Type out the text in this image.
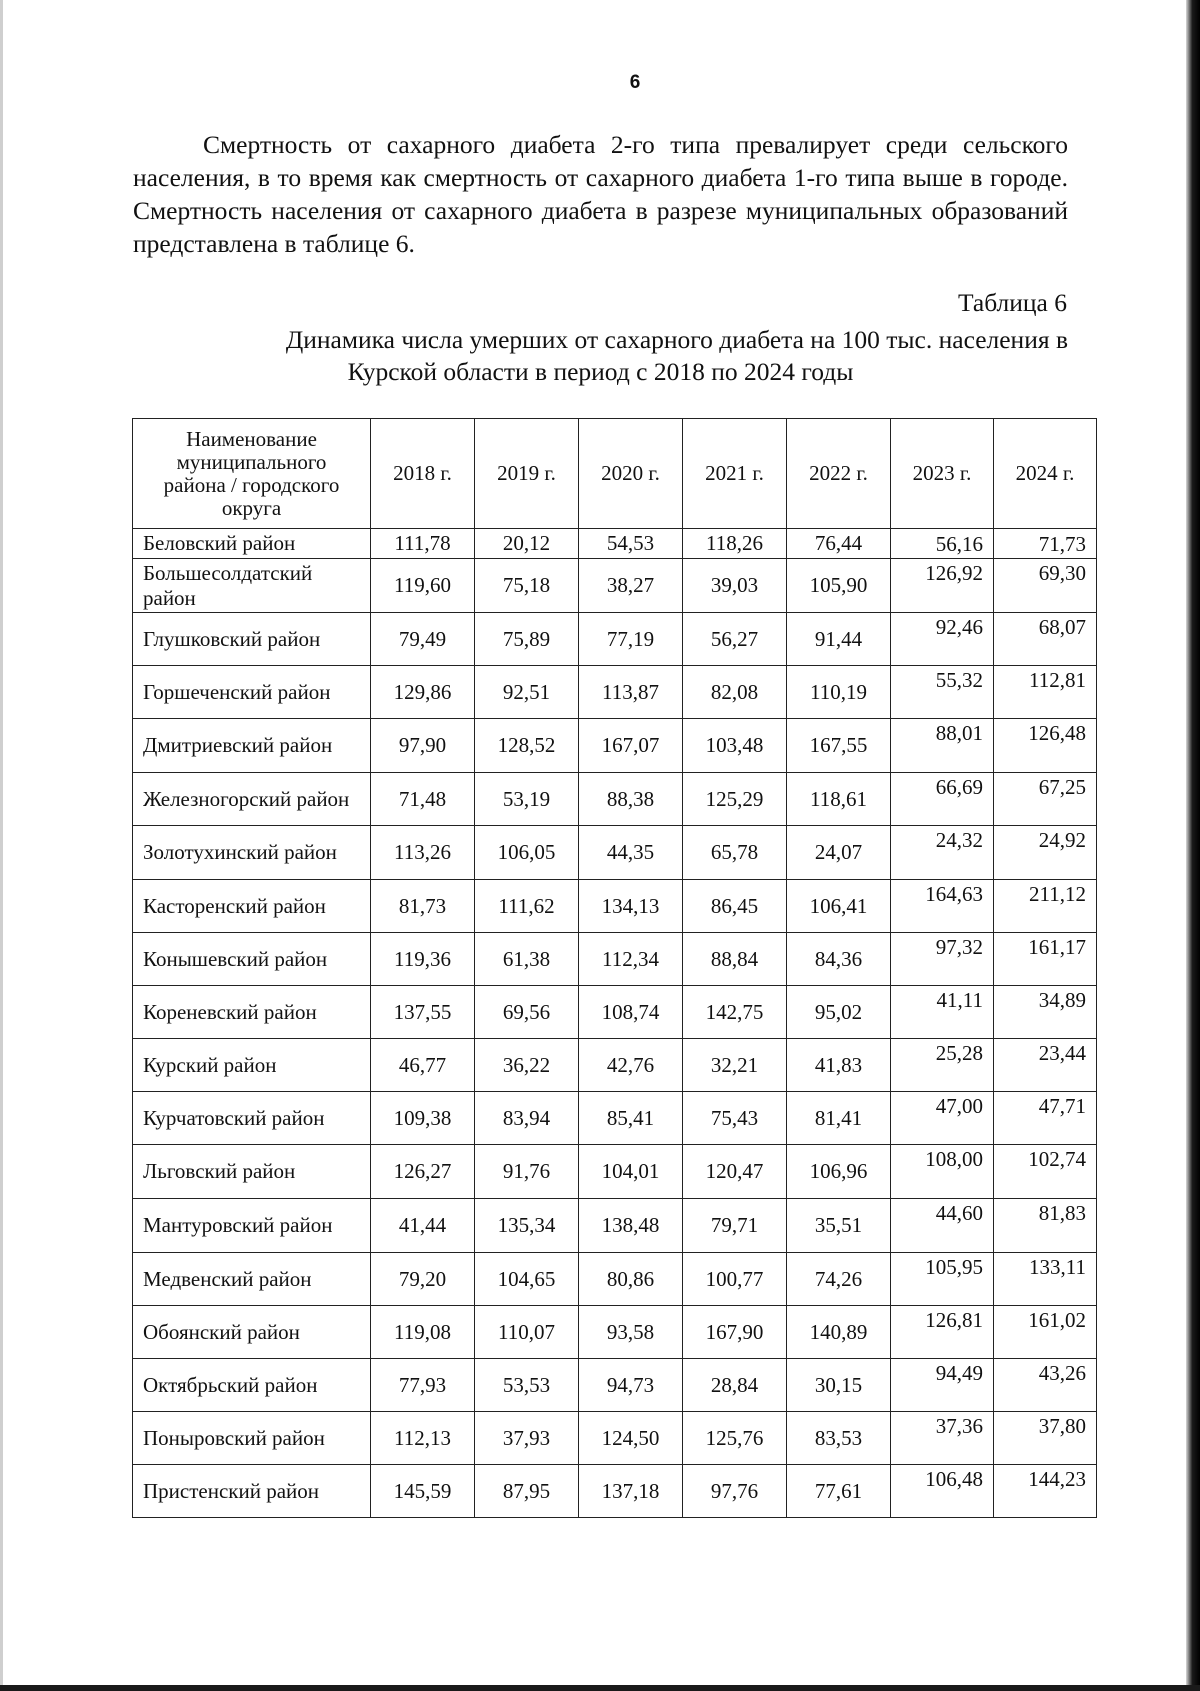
6

Смертность от сахарного диабета 2-го типа превалирует среди сельского населения, в то время как смертность от сахарного диабета 1-го типа выше в городе. Смертность населения от сахарного диабета в разрезе муниципальных образований представлена в таблице 6.

Таблица 6

Динамика числа умерших от сахарного диабета на 100 тыс. населения в
Курской области в период с 2018 по 2024 годы

Наименование муниципального района / городского округа	2018 г.	2019 г.	2020 г.	2021 г.	2022 г.	2023 г.	2024 г.
Беловский район	111,78	20,12	54,53	118,26	76,44	56,16	71,73
Большесолдатский район	119,60	75,18	38,27	39,03	105,90	126,92	69,30
Глушковский район	79,49	75,89	77,19	56,27	91,44	92,46	68,07
Горшеченский район	129,86	92,51	113,87	82,08	110,19	55,32	112,81
Дмитриевский район	97,90	128,52	167,07	103,48	167,55	88,01	126,48
Железногорский район	71,48	53,19	88,38	125,29	118,61	66,69	67,25
Золотухинский район	113,26	106,05	44,35	65,78	24,07	24,32	24,92
Касторенский район	81,73	111,62	134,13	86,45	106,41	164,63	211,12
Конышевский район	119,36	61,38	112,34	88,84	84,36	97,32	161,17
Кореневский район	137,55	69,56	108,74	142,75	95,02	41,11	34,89
Курский район	46,77	36,22	42,76	32,21	41,83	25,28	23,44
Курчатовский район	109,38	83,94	85,41	75,43	81,41	47,00	47,71
Льговский район	126,27	91,76	104,01	120,47	106,96	108,00	102,74
Мантуровский район	41,44	135,34	138,48	79,71	35,51	44,60	81,83
Медвенский район	79,20	104,65	80,86	100,77	74,26	105,95	133,11
Обоянский район	119,08	110,07	93,58	167,90	140,89	126,81	161,02
Октябрьский район	77,93	53,53	94,73	28,84	30,15	94,49	43,26
Поныровский район	112,13	37,93	124,50	125,76	83,53	37,36	37,80
Пристенский район	145,59	87,95	137,18	97,76	77,61	106,48	144,23
